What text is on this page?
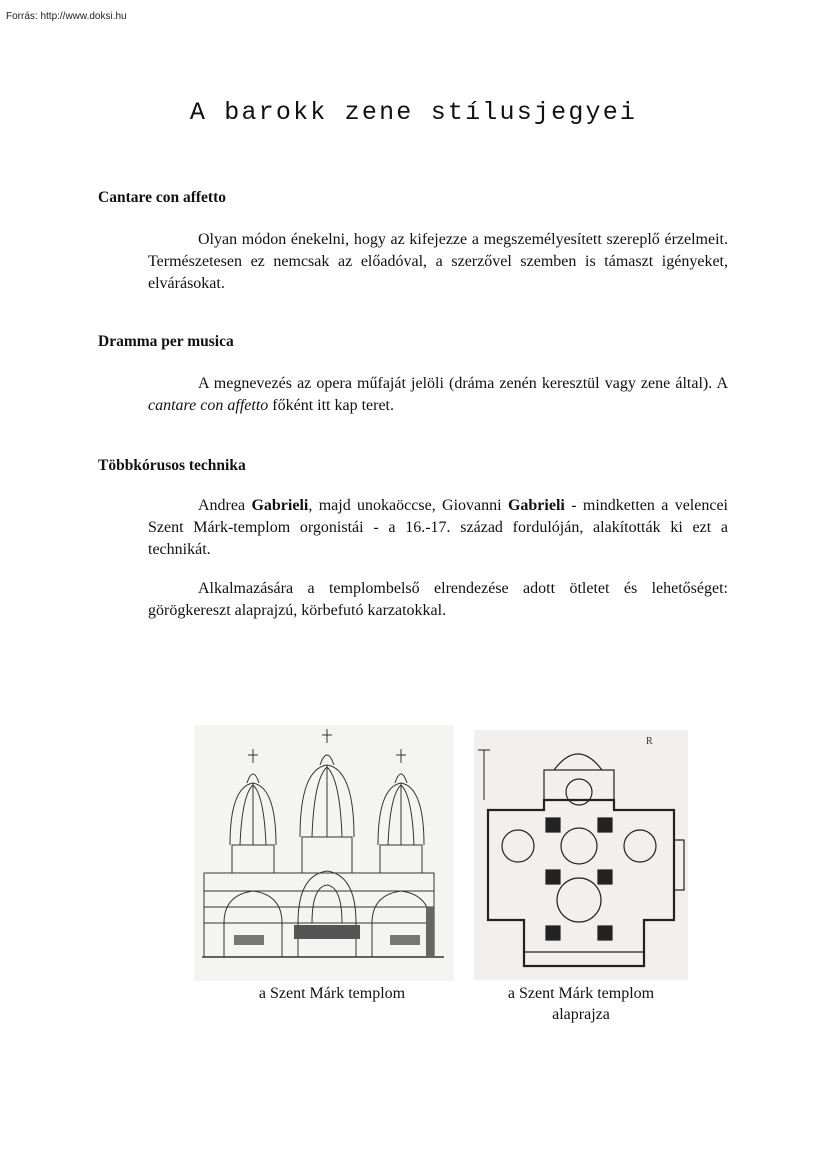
Forrás: http://www.doksi.hu
A barokk zene stílusjegyei
Cantare con affetto
Olyan módon énekelni, hogy az kifejezze a megszemélyesített szereplő érzelmeit. Természetesen ez nemcsak az előadóval, a szerzővel szemben is támaszt igényeket, elvárásokat.
Dramma per musica
A megnevezés az opera műfaját jelöli (dráma zenén keresztül vagy zene által). A cantare con affetto főként itt kap teret.
Többkórusos technika
Andrea Gabrieli, majd unokaöccse, Giovanni Gabrieli - mindketten a velencei Szent Márk-templom orgonistái - a 16.-17. század fordulóján, alakították ki ezt a technikát.
Alkalmazására a templombelső elrendezése adott ötletet és lehetőséget: görögkereszt alaprajzú, körbefutó karzatokkal.
R
a Szent Márk templom	a Szent Márk templom alaprajza
